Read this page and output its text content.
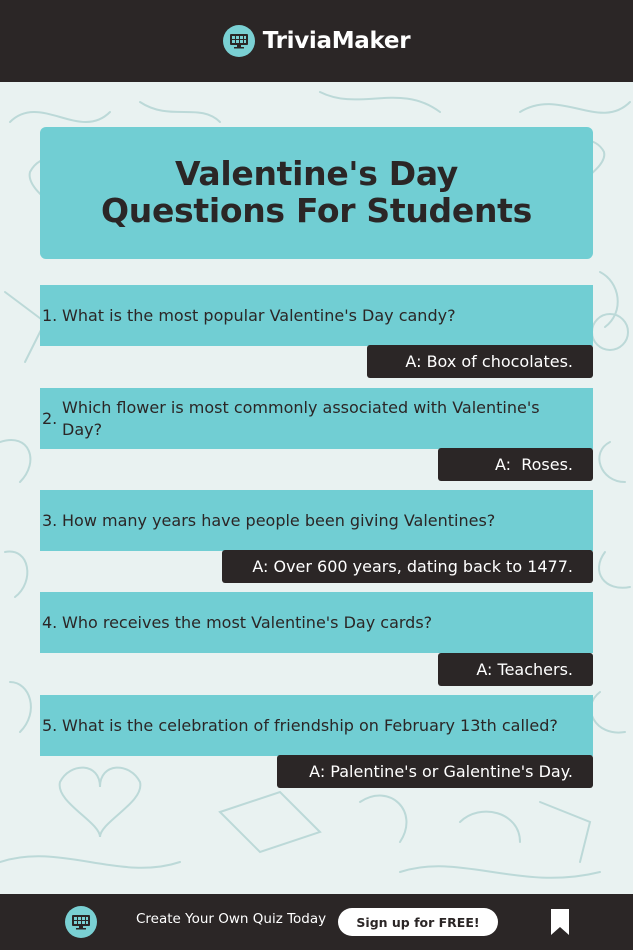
TriviaMaker
Valentine's Day
Questions For Students
1. What is the most popular Valentine's Day candy?
A: Box of chocolates.
2.
Which flower is most commonly associated with Valentine's Day?
A:  Roses.
3. How many years have people been giving Valentines?
A: Over 600 years, dating back to 1477.
4. Who receives the most Valentine's Day cards?
A: Teachers.
5. What is the celebration of friendship on February 13th called?
A: Palentine's or Galentine's Day.
Create Your Own Quiz Today	Sign up for FREE!
